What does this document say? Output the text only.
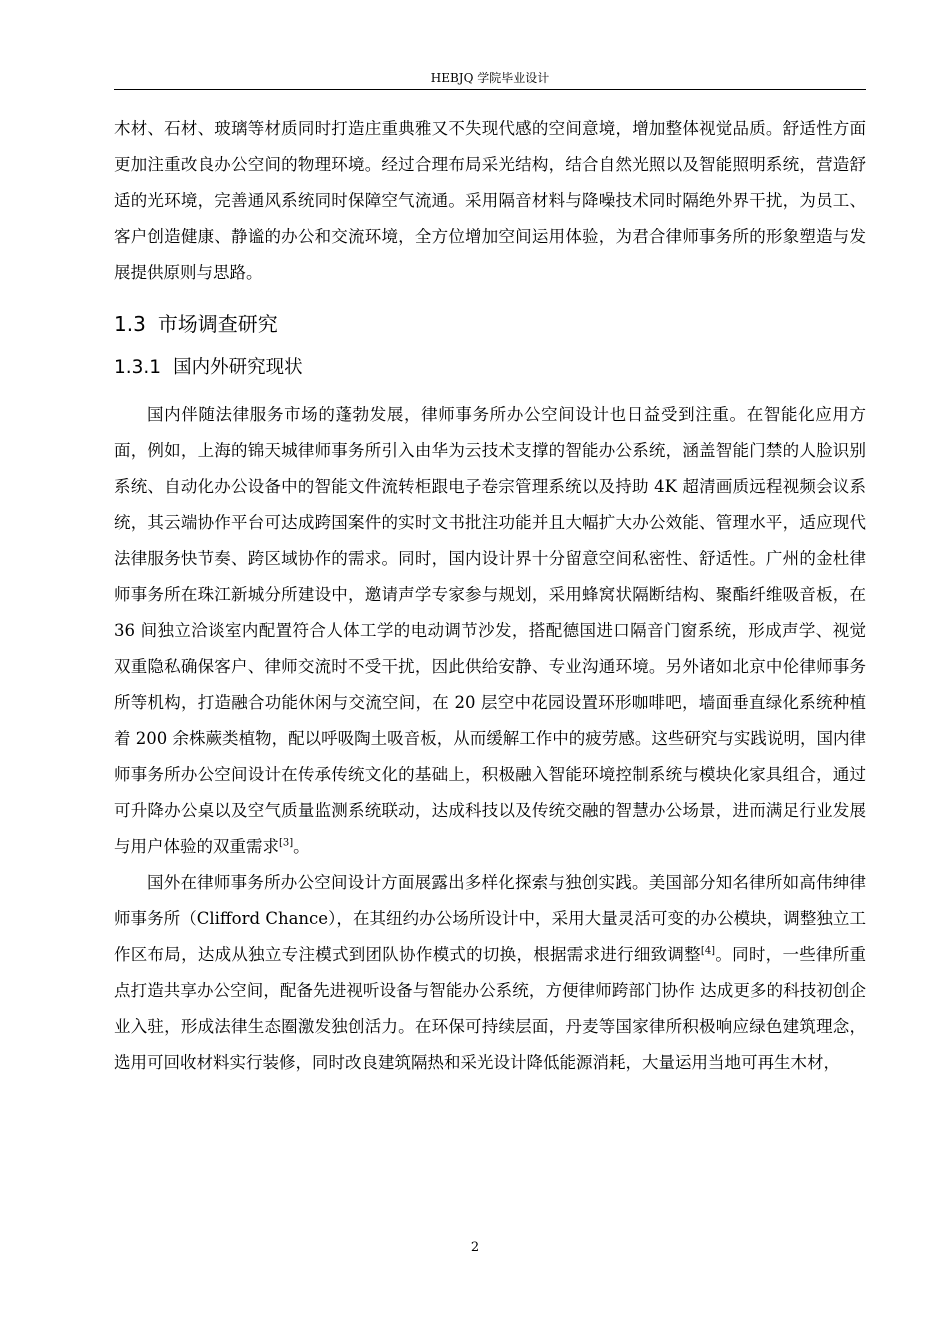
HEBJQ 学院毕业设计

木材、石材、玻璃等材质同时打造庄重典雅又不失现代感的空间意境，增加整体视觉品质。舒适性方面更加注重改良办公空间的物理环境。经过合理布局采光结构，结合自然光照以及智能照明系统，营造舒适的光环境，完善通风系统同时保障空气流通。采用隔音材料与降噪技术同时隔绝外界干扰，为员工、客户创造健康、静谧的办公和交流环境，全方位增加空间运用体验，为君合律师事务所的形象塑造与发展提供原则与思路。

1.3 市场调查研究
1.3.1 国内外研究现状

国内伴随法律服务市场的蓬勃发展，律师事务所办公空间设计也日益受到注重。在智能化应用方面，例如，上海的锦天城律师事务所引入由华为云技术支撑的智能办公系统，涵盖智能门禁的人脸识别系统、自动化办公设备中的智能文件流转柜跟电子卷宗管理系统以及持助 4K 超清画质远程视频会议系统，其云端协作平台可达成跨国案件的实时文书批注功能并且大幅扩大办公效能、管理水平，适应现代法律服务快节奏、跨区域协作的需求。同时，国内设计界十分留意空间私密性、舒适性。广州的金杜律师事务所在珠江新城分所建设中，邀请声学专家参与规划，采用蜂窝状隔断结构、聚酯纤维吸音板，在 36 间独立洽谈室内配置符合人体工学的电动调节沙发，搭配德国进口隔音门窗系统，形成声学、视觉双重隐私确保客户、律师交流时不受干扰，因此供给安静、专业沟通环境。另外诸如北京中伦律师事务所等机构，打造融合功能休闲与交流空间，在 20 层空中花园设置环形咖啡吧，墙面垂直绿化系统种植着 200 余株蕨类植物，配以呼吸陶土吸音板，从而缓解工作中的疲劳感。这些研究与实践说明，国内律师事务所办公空间设计在传承传统文化的基础上，积极融入智能环境控制系统与模块化家具组合，通过可升降办公桌以及空气质量监测系统联动，达成科技以及传统交融的智慧办公场景，进而满足行业发展与用户体验的双重需求[3]。

国外在律师事务所办公空间设计方面展露出多样化探索与独创实践。美国部分知名律所如高伟绅律师事务所（Clifford Chance），在其纽约办公场所设计中，采用大量灵活可变的办公模块，调整独立工作区布局，达成从独立专注模式到团队协作模式的切换，根据需求进行细致调整[4]。同时，一些律所重点打造共享办公空间，配备先进视听设备与智能办公系统，方便律师跨部门协作 达成更多的科技初创企业入驻，形成法律生态圈激发独创活力。在环保可持续层面，丹麦等国家律所积极响应绿色建筑理念，选用可回收材料实行装修，同时改良建筑隔热和采光设计降低能源消耗，大量运用当地可再生木材，

2
